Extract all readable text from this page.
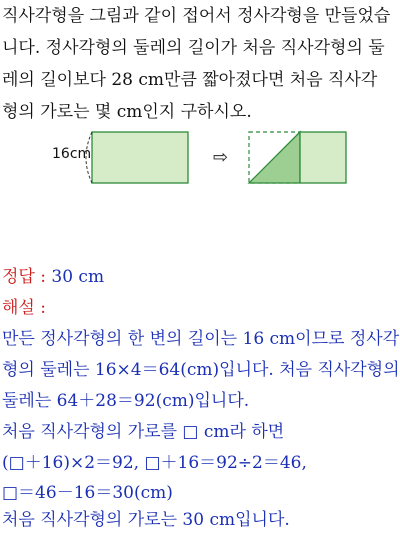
직사각형을 그림과 같이 접어서 정사각형을 만들었습
니다. 정사각형의 둘레의 길이가 처음 직사각형의 둘
레의 길이보다 28 cm만큼 짧아졌다면 처음 직사각
형의 가로는 몇 cm인지 구하시오.
16cm	⇨
정답 : 30 cm
해설 :
만든 정사각형의 한 변의 길이는 16 cm이므로 정사각
형의 둘레는 16×4＝64(cm)입니다. 처음 직사각형의
둘레는 64＋28＝92(cm)입니다.
처음 직사각형의 가로를 □ cm라 하면
(□＋16)×2＝92, □＋16＝92÷2＝46,
□＝46－16＝30(cm)
처음 직사각형의 가로는 30 cm입니다.
